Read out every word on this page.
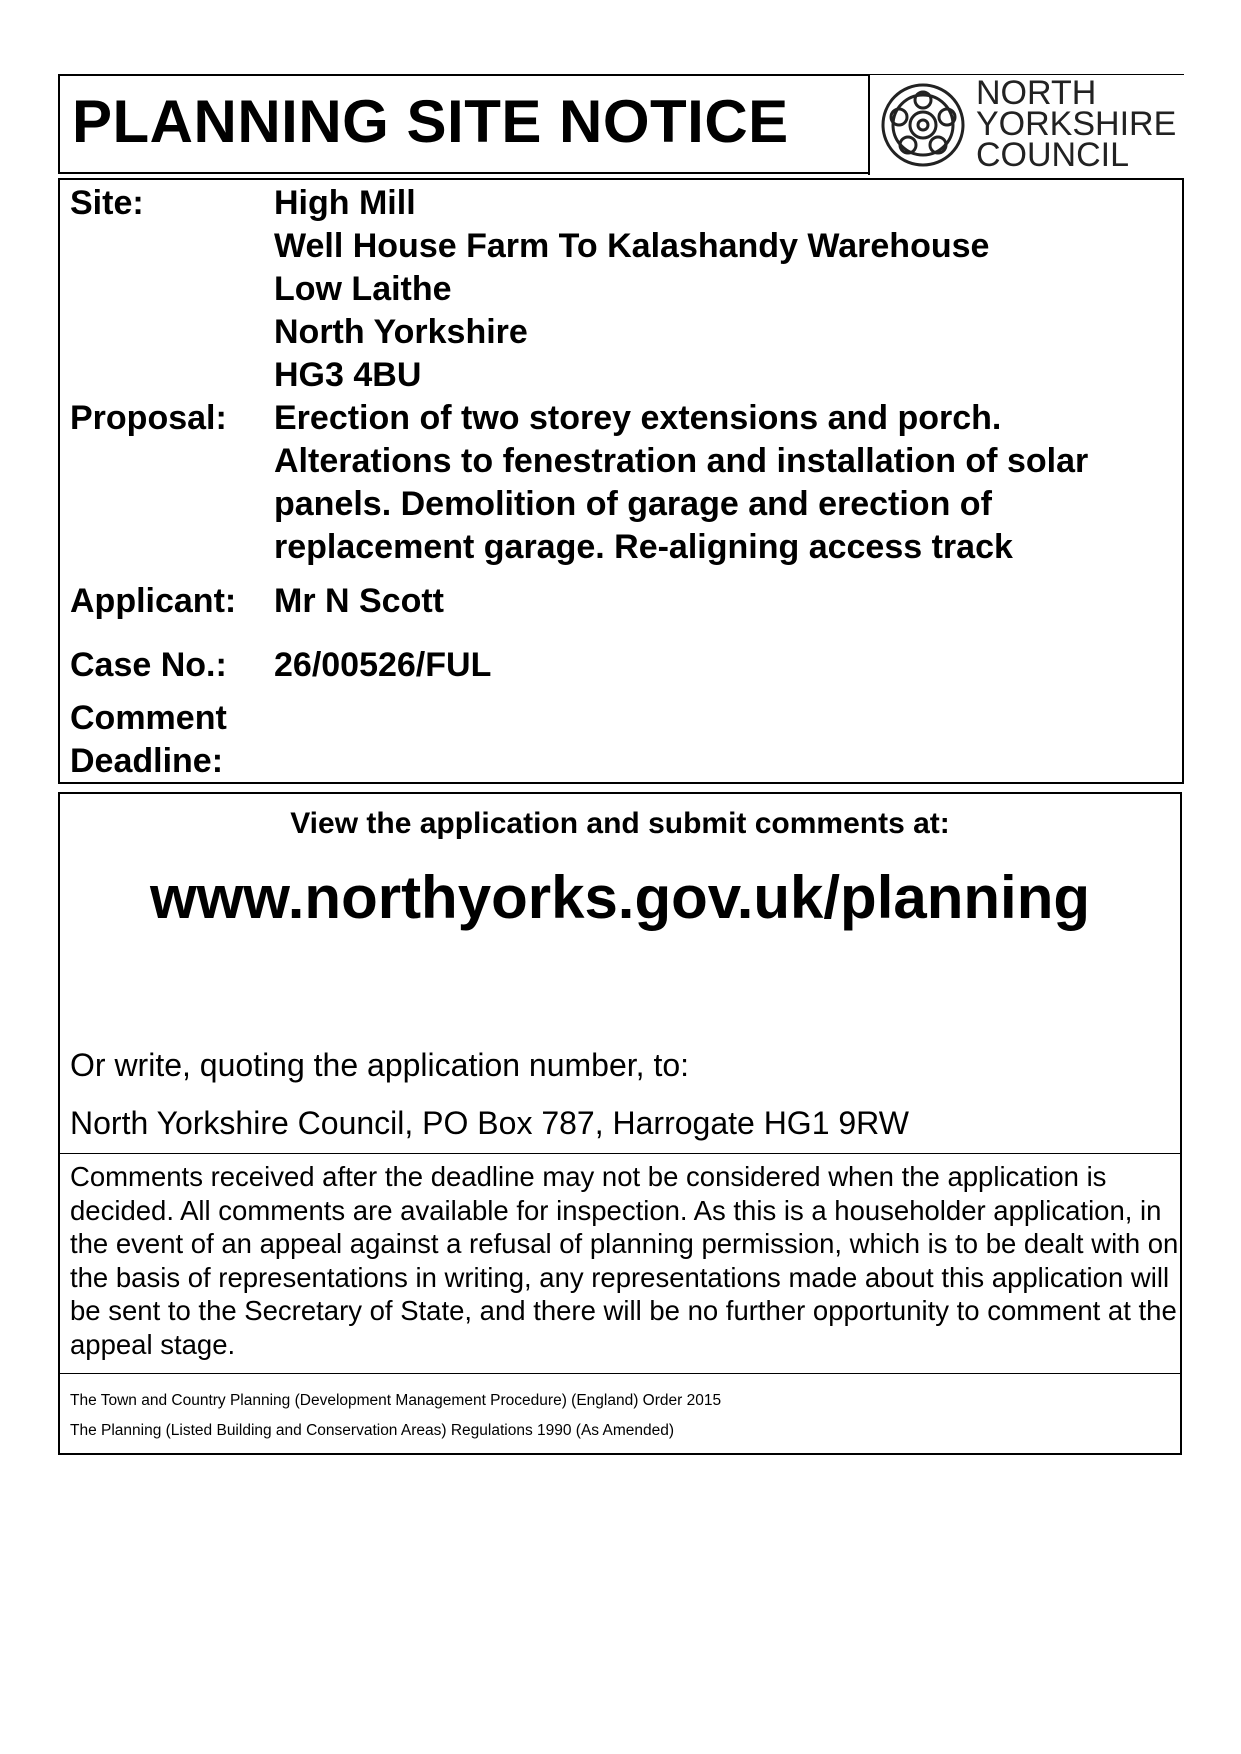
PLANNING SITE NOTICE	NORTH
YORKSHIRE
COUNCIL
Site:	High Mill
Well House Farm To Kalashandy Warehouse
Low Laithe
North Yorkshire
HG3 4BU
Proposal: Erection of two storey extensions and porch.
Alterations to fenestration and installation of solar
panels. Demolition of garage and erection of
replacement garage. Re-aligning access track
Applicant: Mr N Scott
Case No.: 26/00526/FUL
Comment
Deadline:
View the application and submit comments at:
www.northyorks.gov.uk/planning
Or write, quoting the application number, to:
North Yorkshire Council, PO Box 787, Harrogate HG1 9RW
Comments received after the deadline may not be considered when the application is decided. All comments are available for inspection. As this is a householder application, in the event of an appeal against a refusal of planning permission, which is to be dealt with on the basis of representations in writing, any representations made about this application will be sent to the Secretary of State, and there will be no further opportunity to comment at the appeal stage.
The Town and Country Planning (Development Management Procedure) (England) Order 2015
The Planning (Listed Building and Conservation Areas) Regulations 1990 (As Amended)
